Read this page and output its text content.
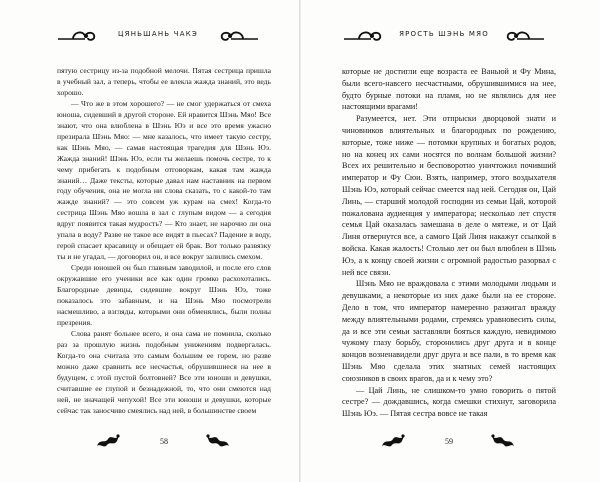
ЦЯНЬШАНЬ ЧАКЭ

пятую сестрицу из-за подобной мелочи. Пятая сестрица пришла в учебный зал, а теперь, чтобы ее влекла жажда знаний, это ведь хорошо.

— Что же в этом хорошего? — не смог удержаться от смеха юноша, сидевший в другой стороне. Ей нравится Шэнь Мяо! Все знают, что она влюблена в Шэнь Юэ и все это время ужасно презирала Шэнь Мяо: — мне казалось, что имеет такую сестру, как Шэнь Мяо, — самая настоящая трагедия для Шэнь Юэ. Жажда знаний! Шэнь Юэ, если ты желаешь помочь сестре, то к чему прибегать к подобным отговоркам, какая там жажда знаний… Даже тексты, которые давал нам наставник на первом году обучения, она не могла ни слова сказать, то с какой-то там жажде знаний? — это совсем уж курам на смех! Когда-то сестрица Шэнь Мяо вошла в зал с глупым видом — а сегодня вдруг появится такая мудрость? — Кто знает, не нарочно ли она упала в воду? Разве не такое все видят в пьесах? Падение в воду, герой спасает красавицу и обещает ей брак. Вот только развязку ты и не угадал, — договорил он, и все вокруг залились смехом.

Среди юношей он был главным заводилой, и после его слов окружавшие его ученики все как один громко расхохотались. Благородные девицы, сидевшие вокруг Шэнь Юэ, тоже показалось это забавным, и на Шэнь Мяо посмотрели насмешливо, а взгляды, которыми они обменялись, были полны презрения.

Слова ранят больнее всего, и она сама не помнила, сколько раз за прошлую жизнь подобным унижениям подвергалась. Когда-то она считала это самым большим ее горем, но разве можно даже сравнить все несчастья, обрушившиеся на нее в будущем, с этой пустой болтовней? Все эти юноши и девушки, считавшие ее глупой и безнадежной, то, что они смеются над ней, не значащей чепухой! Все эти юноши и девушки, которые сейчас так заносчиво смеялись над ней, в большинстве своем

58
ЯРОСТЬ ШЭНЬ МЯО

которые не достигли еще возраста ее Ваньюй и Фу Мина, были всего-навсего несчастными, обрушившимися на нее, будто бурные потоки на пламя, но не являлись для нее настоящими врагами!

Разумеется, нет. Эти отпрыски дворцовой знати и чиновников влиятельных и благородных по рождению, которые, тоже ниже — потомки крупных и богатых родов, но на конец их сами носятся по волнам большой жизни? Всех их решительно и бесповоротно уничтожил почивший император и Фу Сюи. Взять, например, этого воздыхателя Шэнь Юэ, который сейчас смеется над ней. Сегодня он, Цай Линь, — старший молодой господин из семьи Цай, которой пожалована аудиенция у императора; несколько лет спустя семья Цай оказалась замешана в деле о мятеже, и от Цай Линя отвернутся все, а самого Цай Линя накажут ссылкой в войска. Какая жалость! Столько лет он был влюблен в Шэнь Юэ, а к концу своей жизни с огромной радостью разорвал с ней все связи.

Шэнь Мяо не враждовала с этими молодыми людьми и девушками, а некоторые из них даже были на ее стороне. Дело в том, что император намеренно разжигал вражду между влиятельными родами, стремясь уравновесить силы, да и все эти семьи заставляли бояться каждую, невидимою чужому глазу борьбу, сторонились друг друга и в конце концов возненавидели друг друга и все пали, в то время как Шэнь Мяо сделала этих знатных семей настоящих союзников в своих врагов, да и к чему это?

— Цай Линь, не слишком-то умно говорить о пятой сестре? — дождавшись, когда смешки стихнут, заговорила Шэнь Юэ. — Пятая сестра вовсе не такая

59
